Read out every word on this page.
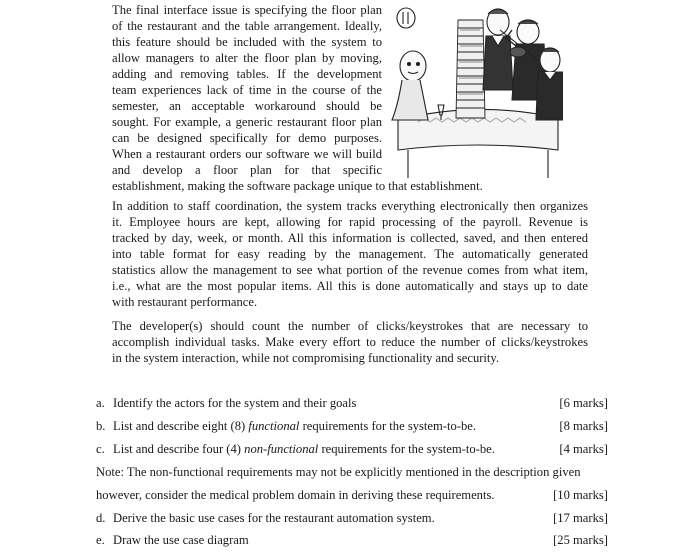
The final interface issue is specifying the floor plan
of the restaurant and the table arrangement. Ideally,
this feature should be included with the system to
allow managers to alter the floor plan by moving,
adding and removing tables. If the development
team experiences lack of time in the course of the
semester, an acceptable workaround should be
sought. For example, a generic restaurant floor plan
can be designed specifically for demo purposes.
When a restaurant orders our software we will build
and develop a floor plan for that specific
establishment, making the software package unique to that establishment.
In addition to staff coordination, the system tracks everything electronically then organizes
it. Employee hours are kept, allowing for rapid processing of the payroll. Revenue is
tracked by day, week, or month. All this information is collected, saved, and then entered
into table format for easy reading by the management. The automatically generated
statistics allow the management to see what portion of the revenue comes from what item,
i.e., what are the most popular items. All this is done automatically and stays up to date
with restaurant performance.
The developer(s) should count the number of clicks/keystrokes that are necessary to
accomplish individual tasks. Make every effort to reduce the number of clicks/keystrokes
in the system interaction, while not compromising functionality and security.
a. Identify the actors for the system and their goals	[6 marks]
b. List and describe eight (8) functional requirements for the system-to-be.	[8 marks]
c. List and describe four (4) non-functional requirements for the system-to-be.	[4 marks]
Note: The non-functional requirements may not be explicitly mentioned in the description given
however, consider the medical problem domain in deriving these requirements.	[10 marks]
d. Derive the basic use cases for the restaurant automation system.	[17 marks]
e. Draw the use case diagram	[25 marks]
